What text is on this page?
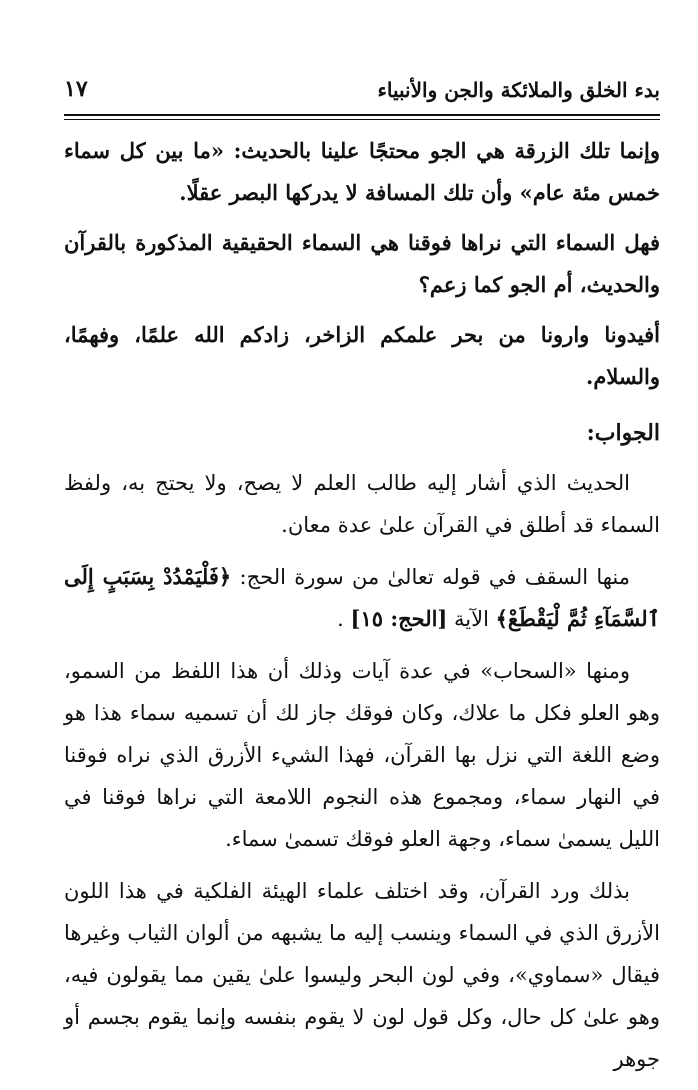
بدء الخلق والملائكة والجن والأنبياء
١٧

وإنما تلك الزرقة هي الجو محتجًا علينا بالحديث: «ما بين كل سماء خمس مئة عام» وأن تلك المسافة لا يدركها البصر عقلًا.

فهل السماء التي نراها فوقنا هي السماء الحقيقية المذكورة بالقرآن والحديث، أم الجو كما زعم؟

أفيدونا وارونا من بحر علمكم الزاخر، زادكم الله علمًا، وفهمًا، والسلام.

الجواب:

الحديث الذي أشار إليه طالب العلم لا يصح، ولا يحتج به، ولفظ السماء قد أطلق في القرآن علىٰ عدة معان.

منها السقف في قوله تعالىٰ من سورة الحج: ﴿فَلْيَمْدُدْ بِسَبَبٍ إِلَى ٱلسَّمَآءِ ثُمَّ لْيَقْطَعْ﴾ الآية [الحج: ١٥] .

ومنها «السحاب» في عدة آيات وذلك أن هذا اللفظ من السمو، وهو العلو فكل ما علاك، وكان فوقك جاز لك أن تسميه سماء هذا هو وضع اللغة التي نزل بها القرآن، فهذا الشيء الأزرق الذي نراه فوقنا في النهار سماء، ومجموع هذه النجوم اللامعة التي نراها فوقنا في الليل يسمىٰ سماء، وجهة العلو فوقك تسمىٰ سماء.

بذلك ورد القرآن، وقد اختلف علماء الهيئة الفلكية في هذا اللون الأزرق الذي في السماء وينسب إليه ما يشبهه من ألوان الثياب وغيرها فيقال «سماوي»، وفي لون البحر وليسوا علىٰ يقين مما يقولون فيه، وهو علىٰ كل حال، وكل قول لون لا يقوم بنفسه وإنما يقوم بجسم أو جوهر
